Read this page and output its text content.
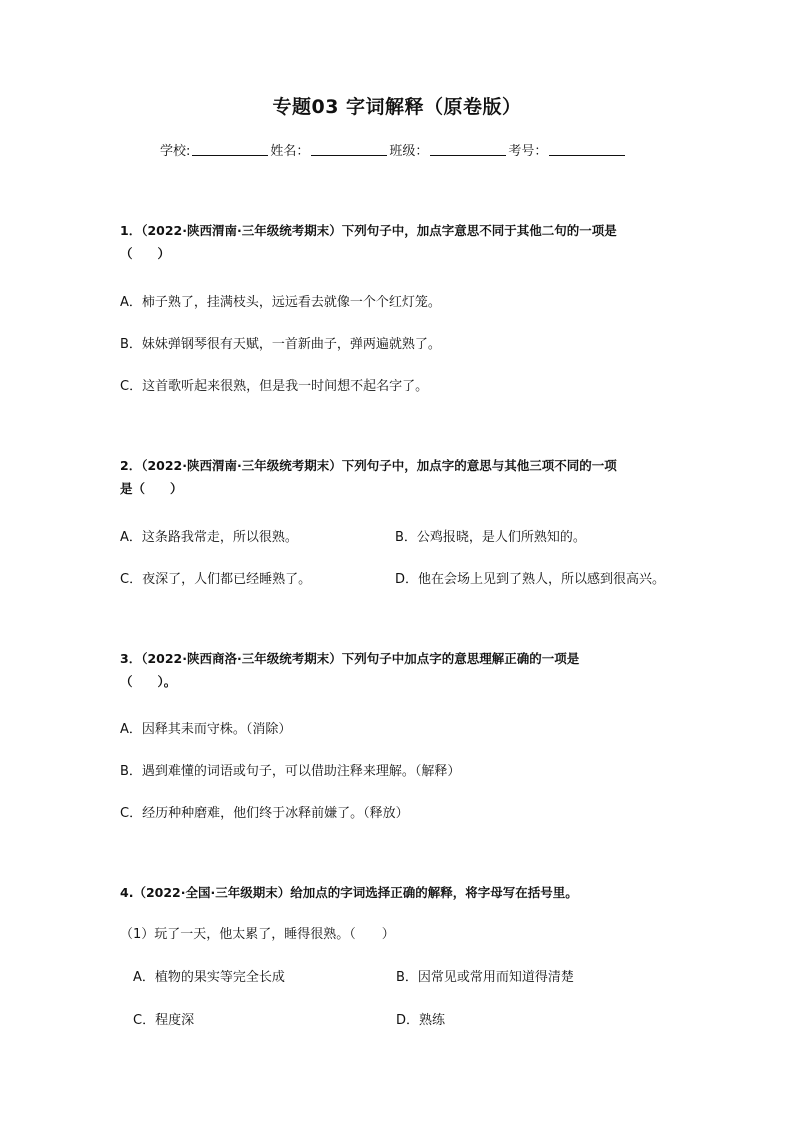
专题03 字词解释（原卷版）
学校:	姓名：	班级：	考号：
1．（2022·陕西渭南·三年级统考期末）下列句子中，加点字意思不同于其他二句的一项是
（　　）
A．柿子熟了，挂满枝头，远远看去就像一个个红灯笼。
B．妹妹弹钢琴很有天赋，一首新曲子，弹两遍就熟了。
C．这首歌听起来很熟，但是我一时间想不起名字了。
2．（2022·陕西渭南·三年级统考期末）下列句子中，加点字的意思与其他三项不同的一项
是（　　）
A．这条路我常走，所以很熟。	B．公鸡报晓，是人们所熟知的。
C．夜深了，人们都已经睡熟了。	D．他在会场上见到了熟人，所以感到很高兴。
3．（2022·陕西商洛·三年级统考期末）下列句子中加点字的意思理解正确的一项是
（　　）。
A．因释其耒而守株。（消除）
B．遇到难懂的词语或句子，可以借助注释来理解。（解释）
C．经历种种磨难，他们终于冰释前嫌了。（释放）
4.（2022·全国·三年级期末）给加点的字词选择正确的解释，将字母写在括号里。
（1）玩了一天，他太累了，睡得很熟。（　　）
A．植物的果实等完全长成	B．因常见或常用而知道得清楚
C．程度深	D．熟练
